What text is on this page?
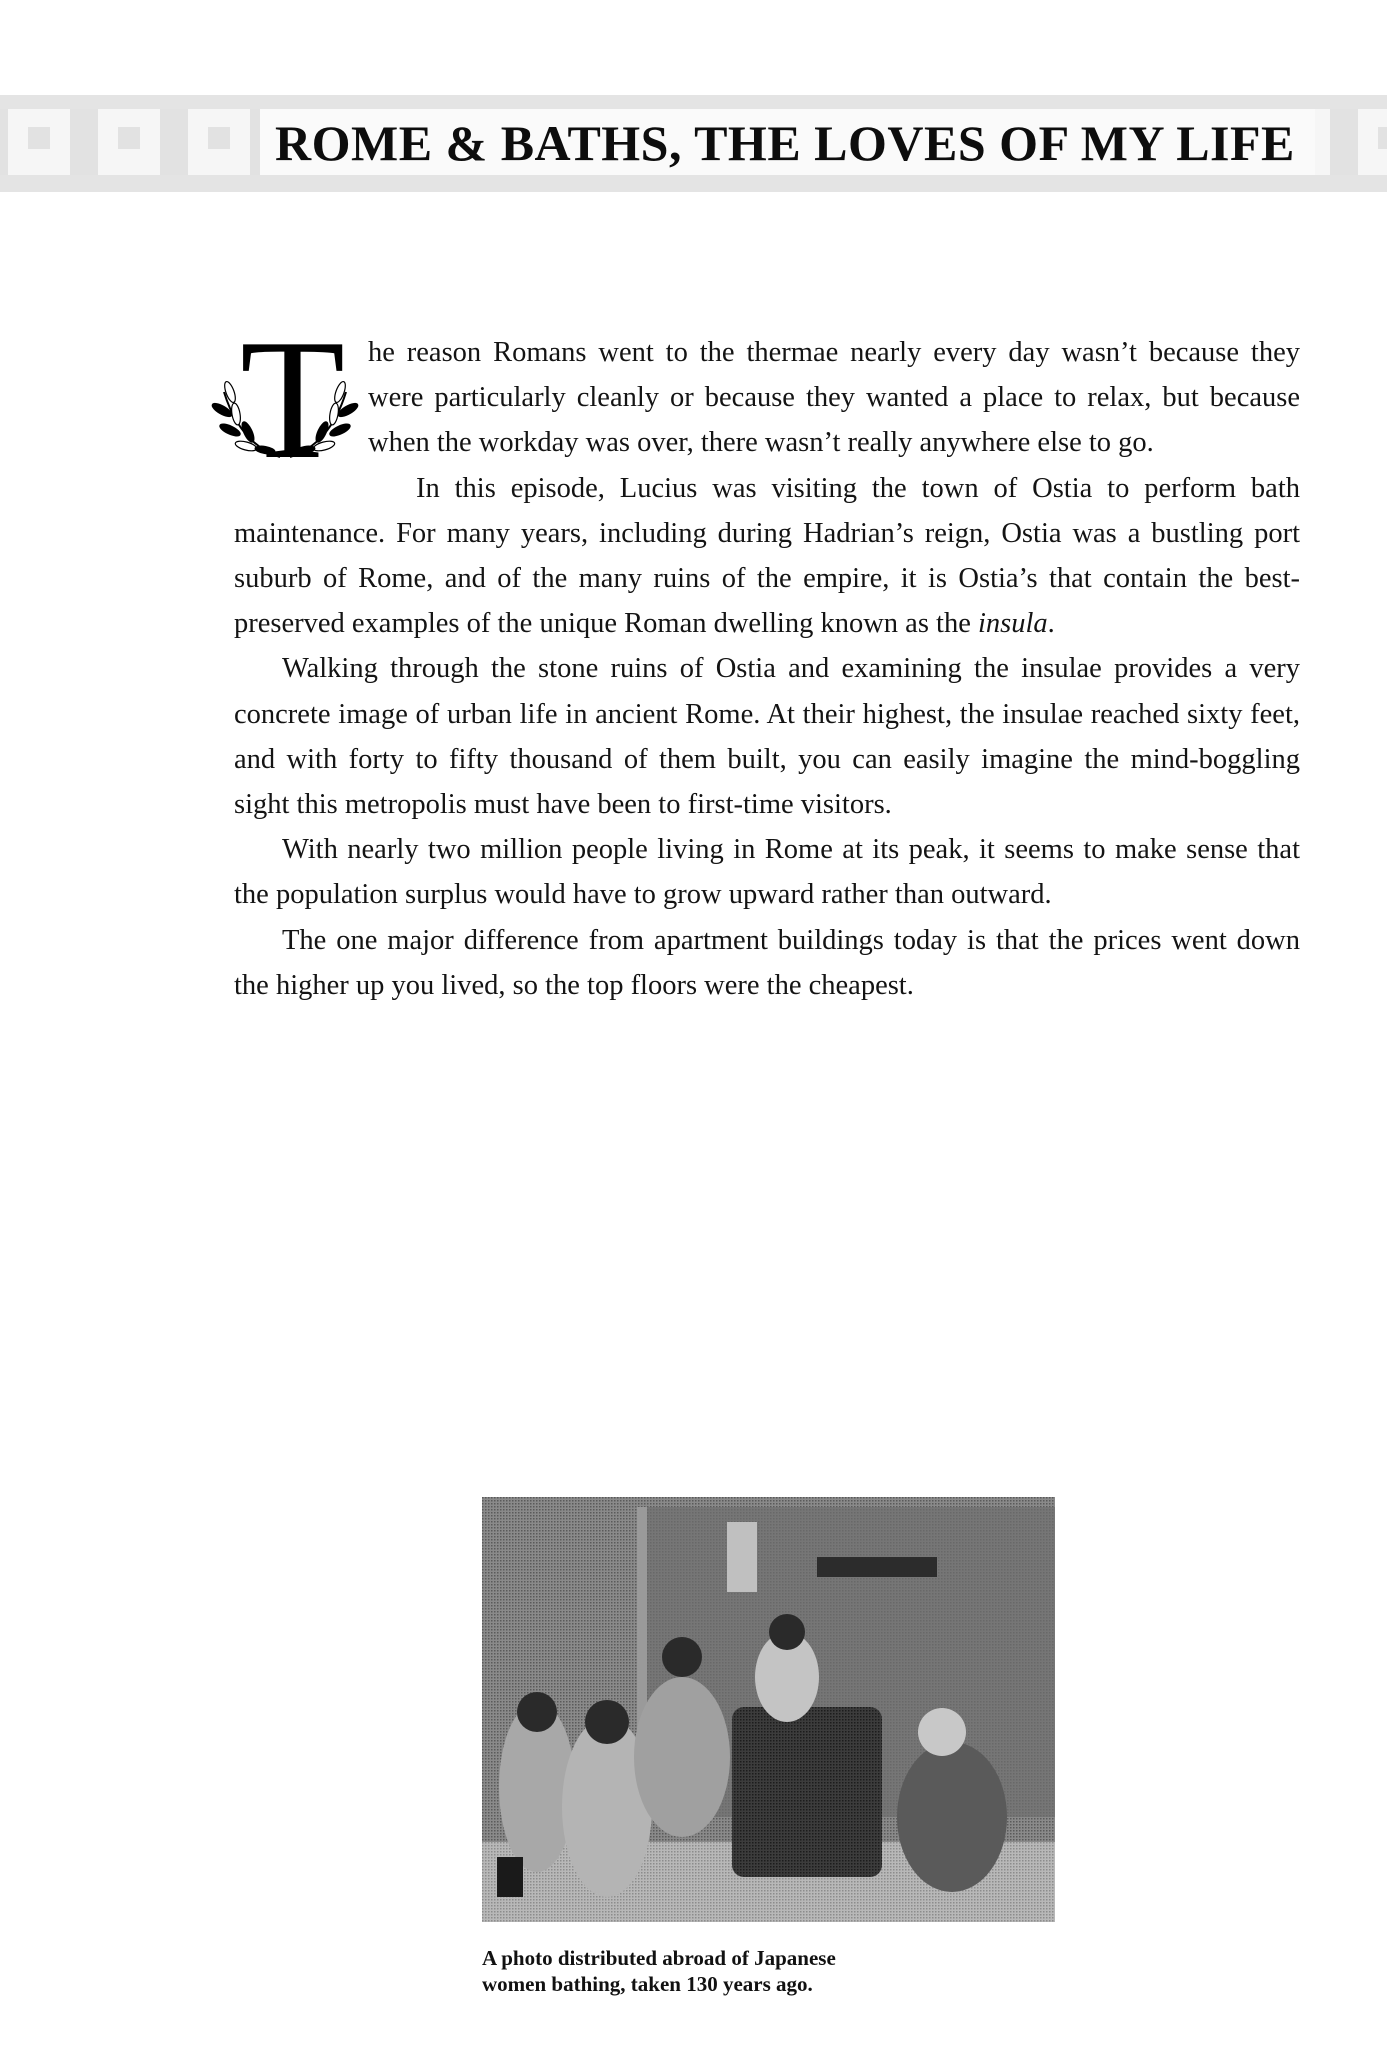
ROME & BATHS, THE LOVES OF MY LIFE

T he reason Romans went to the thermae nearly every day wasn’t because they were particularly cleanly or because they wanted a place to relax, but because when the workday was over, there wasn’t really anywhere else to go.

In this episode, Lucius was visiting the town of Ostia to perform bath maintenance. For many years, including during Hadrian’s reign, Ostia was a bustling port suburb of Rome, and of the many ruins of the empire, it is Ostia’s that contain the best-preserved examples of the unique Roman dwelling known as the insula.

Walking through the stone ruins of Ostia and examining the insulae provides a very concrete image of urban life in ancient Rome. At their highest, the insulae reached sixty feet, and with forty to fifty thousand of them built, you can easily imagine the mind-boggling sight this metropolis must have been to first-time visitors.

With nearly two million people living in Rome at its peak, it seems to make sense that the population surplus would have to grow upward rather than outward.

The one major difference from apartment buildings today is that the prices went down the higher up you lived, so the top floors were the cheapest.

A photo distributed abroad of Japanese
women bathing, taken 130 years ago.
